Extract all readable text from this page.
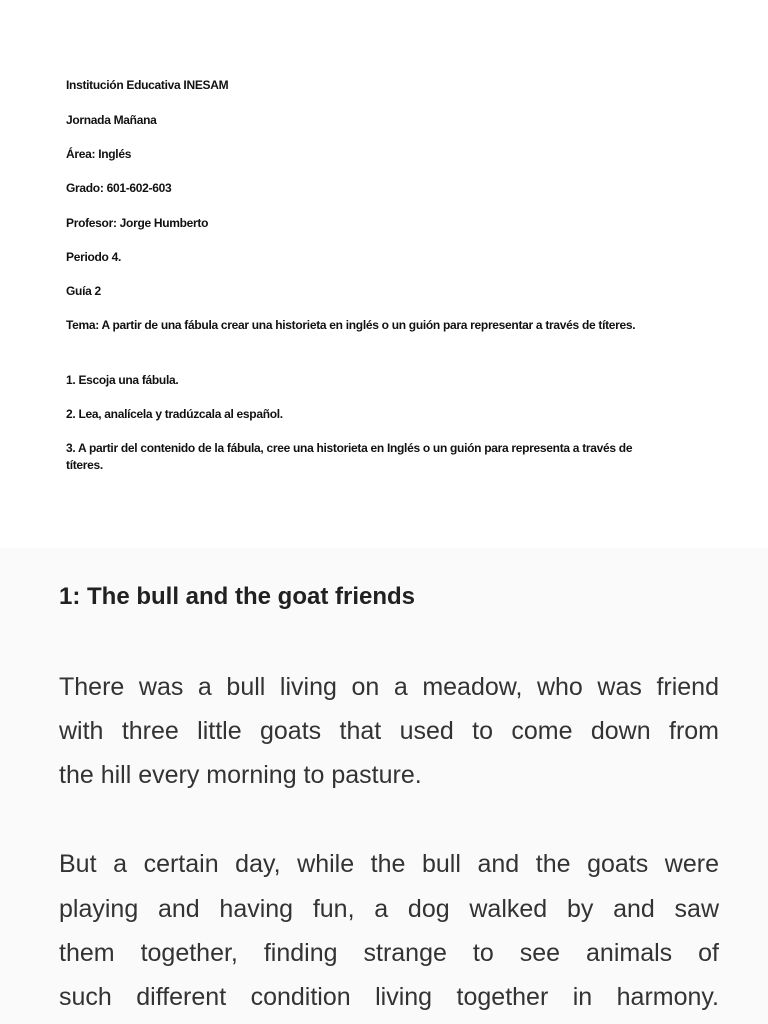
Institución Educativa INESAM
Jornada Mañana
Área: Inglés
Grado: 601-602-603
Profesor: Jorge Humberto
Periodo 4.
Guía 2
Tema: A partir de una fábula crear una historieta en inglés o un guión para representar a través de títeres.
1. Escoja una fábula.
2. Lea, analícela y tradúzcala al español.
3. A partir del contenido de la fábula, cree una historieta en Inglés o un guión para representa a través de títeres.
1: The bull and the goat friends
There was a bull living on a meadow, who was friend
with three little goats that used to come down from
the hill every morning to pasture.
But a certain day, while the bull and the goats were
playing and having fun, a dog walked by and saw
them together, finding strange to see animals of
such different condition living together in harmony.
